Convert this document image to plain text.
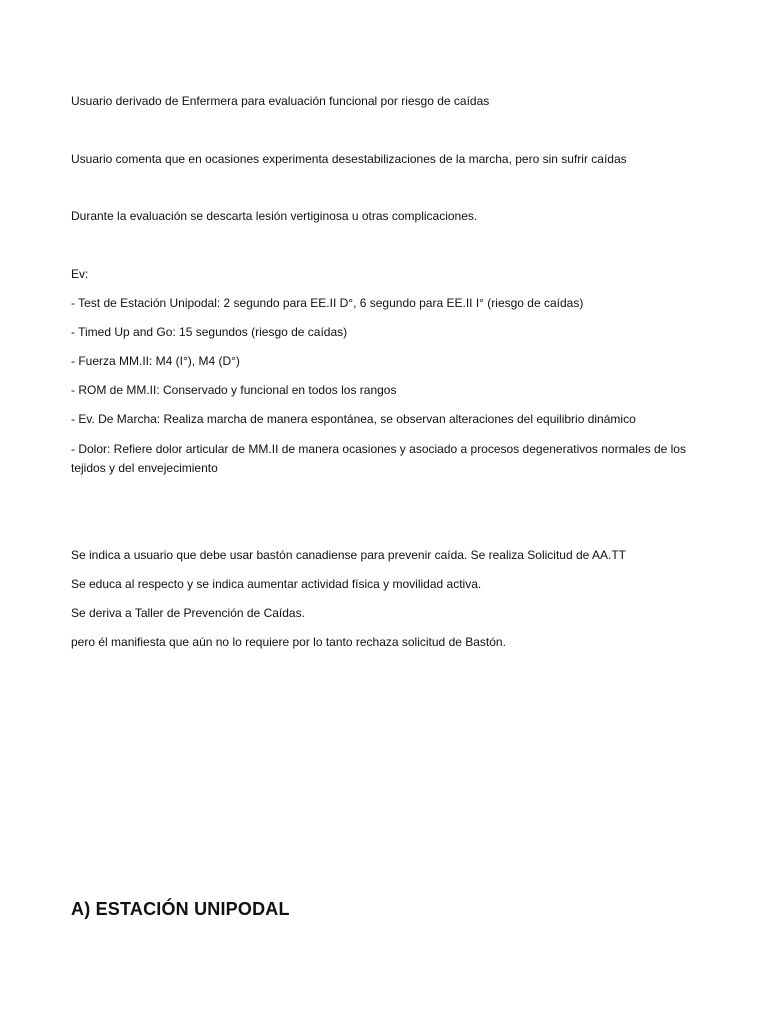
Usuario derivado de Enfermera para evaluación funcional por riesgo de caídas
Usuario comenta que en ocasiones experimenta desestabilizaciones de la marcha, pero sin sufrir caídas
Durante la evaluación se descarta lesión vertiginosa u otras complicaciones.
Ev:
- Test de Estación Unipodal: 2 segundo para EE.II D°, 6 segundo para EE.II I° (riesgo de caídas)
- Timed Up and Go: 15 segundos (riesgo de caídas)
- Fuerza MM.II: M4 (I°), M4 (D°)
- ROM de MM.II: Conservado y funcional en todos los rangos
- Ev. De Marcha: Realiza marcha de manera espontánea, se observan alteraciones del equilibrio dinámico
- Dolor: Refiere dolor articular de MM.II de manera ocasiones y asociado a procesos degenerativos normales de los tejidos y del envejecimiento
Se indica a usuario que debe usar bastón canadiense para prevenir caída. Se realiza Solicitud de AA.TT
Se educa al respecto y se indica aumentar actividad física y movilidad activa.
Se deriva a Taller de Prevención de Caídas.
pero él manifiesta que aún no lo requiere por lo tanto rechaza solicitud de Bastón.
A) ESTACIÓN UNIPODAL
